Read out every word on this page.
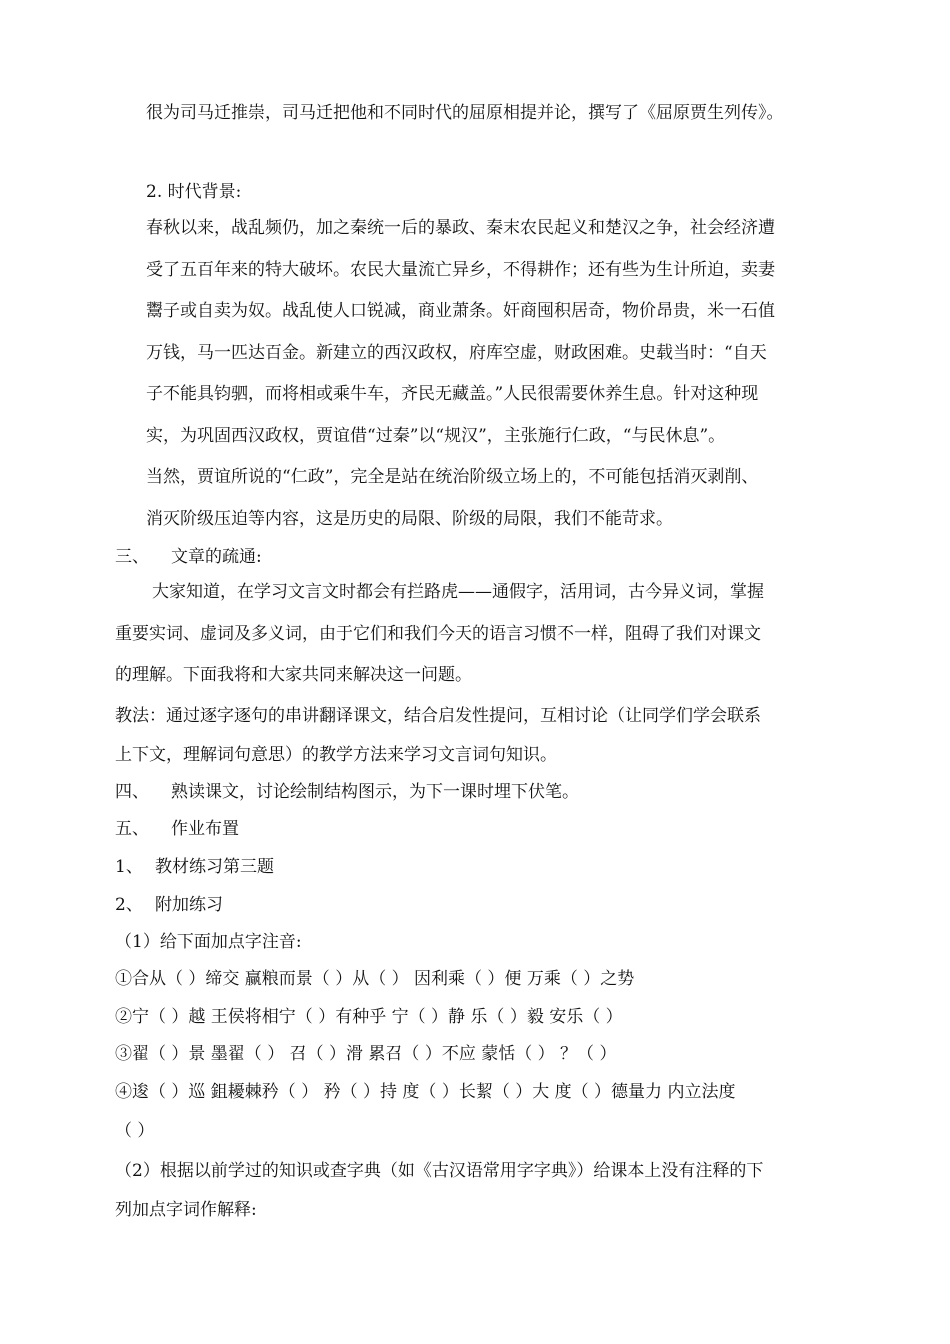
很为司马迁推崇，司马迁把他和不同时代的屈原相提并论，撰写了《屈原贾生列传》。
2. 时代背景:
春秋以来，战乱频仍，加之秦统一后的暴政、秦末农民起义和楚汉之争，社会经济遭
受了五百年来的特大破坏。农民大量流亡异乡，不得耕作；还有些为生计所迫，卖妻
鬻子或自卖为奴。战乱使人口锐减，商业萧条。奸商囤积居奇，物价昂贵，米一石值
万钱，马一匹达百金。新建立的西汉政权，府库空虚，财政困难。史载当时：“自天
子不能具钧驷，而将相或乘牛车，齐民无藏盖。”人民很需要休养生息。针对这种现
实，为巩固西汉政权，贾谊借“过秦”以“规汉”，主张施行仁政，“与民休息”。
当然，贾谊所说的“仁政”，完全是站在统治阶级立场上的，不可能包括消灭剥削、
消灭阶级压迫等内容，这是历史的局限、阶级的局限，我们不能苛求。
三、 文章的疏通:
大家知道，在学习文言文时都会有拦路虎——通假字，活用词，古今异义词，掌握
重要实词、虚词及多义词，由于它们和我们今天的语言习惯不一样，阻碍了我们对课文
的理解。下面我将和大家共同来解决这一问题。
教法：通过逐字逐句的串讲翻译课文，结合启发性提问，互相讨论（让同学们学会联系
上下文，理解词句意思）的教学方法来学习文言词句知识。
四、 熟读课文，讨论绘制结构图示，为下一课时埋下伏笔。
五、 作业布置
1、 教材练习第三题
2、 附加练习
（1）给下面加点字注音:
①合从（ ）缔交 赢粮而景（ ）从（ ） 因利乘（ ）便 万乘（ ）之势
②宁（ ）越 王侯将相宁（ ）有种乎 宁（ ）静 乐（ ）毅 安乐（ ）
③翟（ ）景 墨翟（ ） 召（ ）滑 累召（ ）不应 蒙恬（ ） ？（ ）
④逡（ ）巡 鉏耰棘矜（ ） 矜（ ）持 度（ ）长絜（ ）大 度（ ）德量力 内立法度
（ ）
（2）根据以前学过的知识或查字典（如《古汉语常用字字典》）给课本上没有注释的下
列加点字词作解释:
